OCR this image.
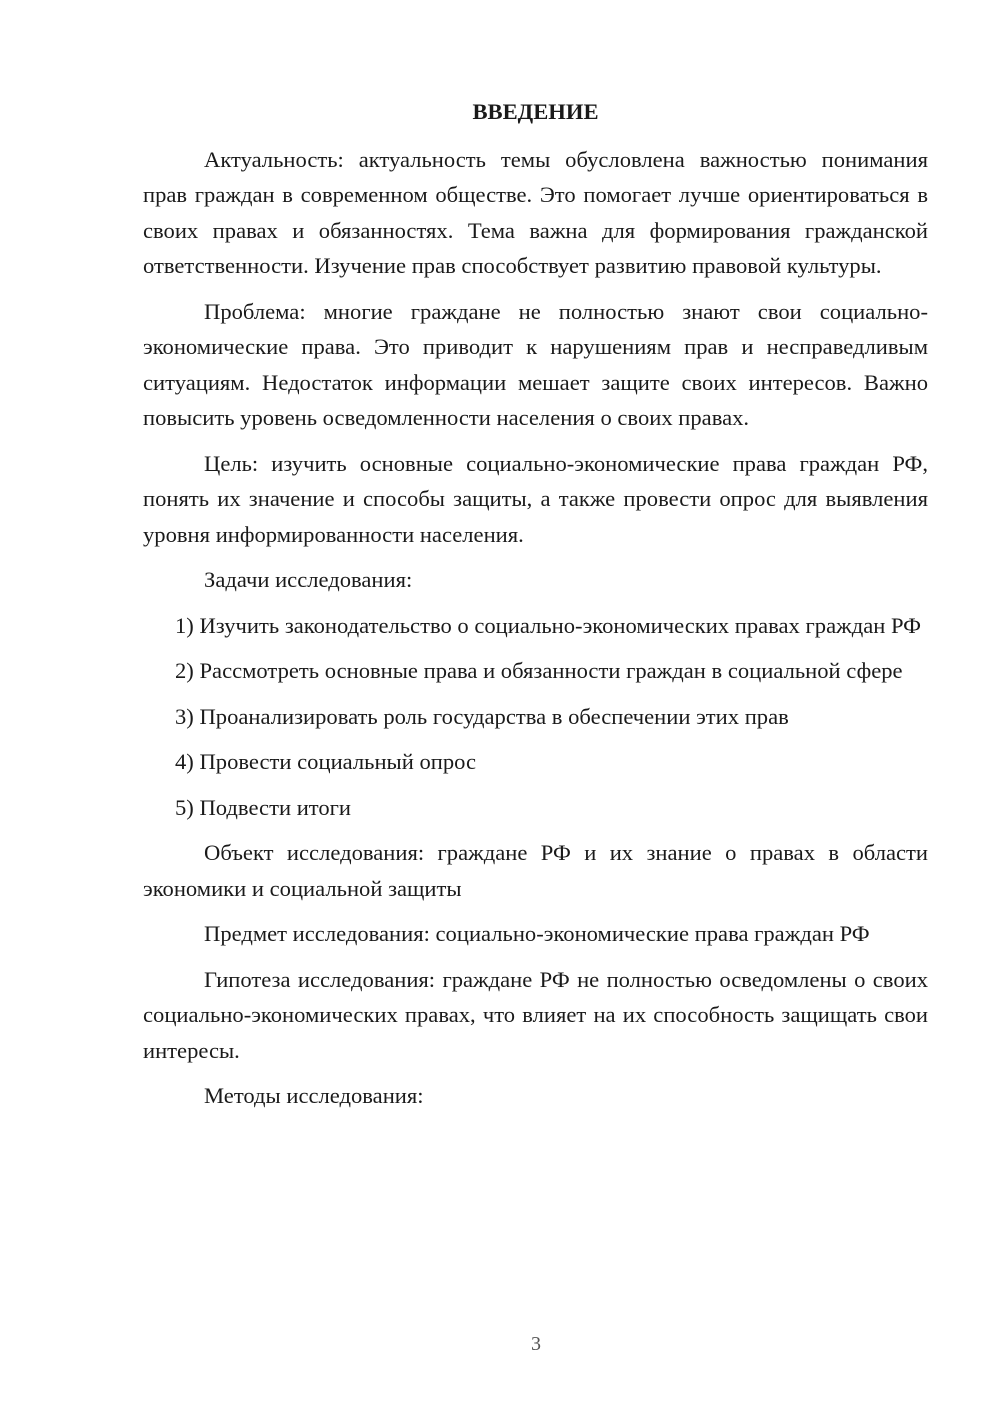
ВВЕДЕНИЕ

Актуальность: актуальность темы обусловлена важностью понимания прав граждан в современном обществе. Это помогает лучше ориентироваться в своих правах и обязанностях. Тема важна для формирования гражданской ответственности. Изучение прав способствует развитию правовой культуры.

Проблема: многие граждане не полностью знают свои социально-экономические права. Это приводит к нарушениям прав и несправедливым ситуациям. Недостаток информации мешает защите своих интересов. Важно повысить уровень осведомленности населения о своих правах.

Цель: изучить основные социально-экономические права граждан РФ, понять их значение и способы защиты, а также провести опрос для выявления уровня информированности населения.

Задачи исследования:

1) Изучить законодательство о социально-экономических правах граждан РФ

2) Рассмотреть основные права и обязанности граждан в социальной сфере

3) Проанализировать роль государства в обеспечении этих прав

4) Провести социальный опрос

5) Подвести итоги

Объект исследования: граждане РФ и их знание о правах в области экономики и социальной защиты

Предмет исследования: социально-экономические права граждан РФ

Гипотеза исследования: граждане РФ не полностью осведомлены о своих социально-экономических правах, что влияет на их способность защищать свои интересы.

Методы исследования:

3
